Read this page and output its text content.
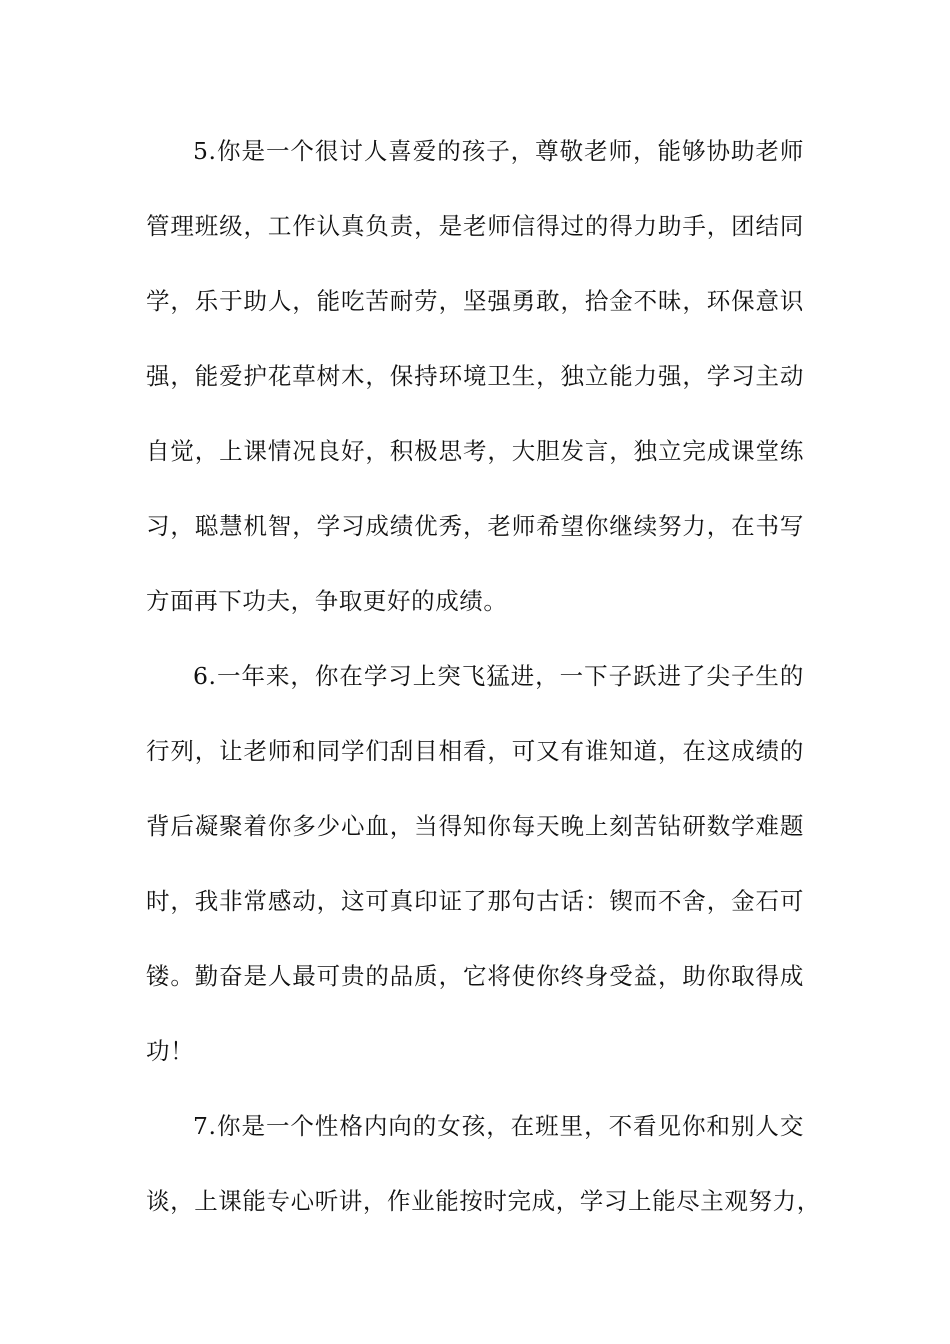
5.你是一个很讨人喜爱的孩子，尊敬老师，能够协助老师
管理班级，工作认真负责，是老师信得过的得力助手，团结同
学，乐于助人，能吃苦耐劳，坚强勇敢，拾金不昧，环保意识
强，能爱护花草树木，保持环境卫生，独立能力强，学习主动
自觉，上课情况良好，积极思考，大胆发言，独立完成课堂练
习，聪慧机智，学习成绩优秀，老师希望你继续努力，在书写
方面再下功夫，争取更好的成绩。
6.一年来，你在学习上突飞猛进，一下子跃进了尖子生的
行列，让老师和同学们刮目相看，可又有谁知道，在这成绩的
背后凝聚着你多少心血，当得知你每天晚上刻苦钻研数学难题
时，我非常感动，这可真印证了那句古话：锲而不舍，金石可
镂。勤奋是人最可贵的品质，它将使你终身受益，助你取得成
功！
7.你是一个性格内向的女孩，在班里，不看见你和别人交
谈，上课能专心听讲，作业能按时完成，学习上能尽主观努力，
